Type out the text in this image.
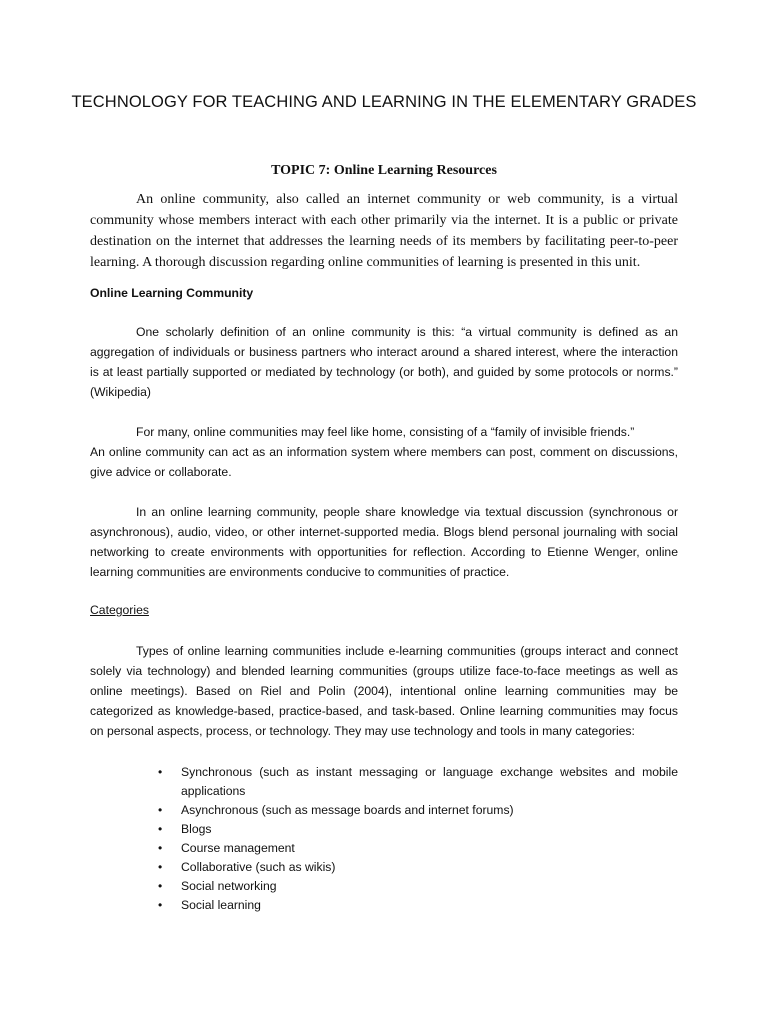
TECHNOLOGY FOR TEACHING AND LEARNING IN THE ELEMENTARY GRADES
TOPIC 7: Online Learning Resources

An online community, also called an internet community or web community, is a virtual community whose members interact with each other primarily via the internet. It is a public or private destination on the internet that addresses the learning needs of its members by facilitating peer-to-peer learning. A thorough discussion regarding online communities of learning is presented in this unit.

Online Learning Community

One scholarly definition of an online community is this: “a virtual community is defined as an aggregation of individuals or business partners who interact around a shared interest, where the interaction is at least partially supported or mediated by technology (or both), and guided by some protocols or norms.” (Wikipedia)

For many, online communities may feel like home, consisting of a “family of invisible friends.”
An online community can act as an information system where members can post, comment on discussions, give advice or collaborate.

In an online learning community, people share knowledge via textual discussion (synchronous or asynchronous), audio, video, or other internet-supported media. Blogs blend personal journaling with social networking to create environments with opportunities for reflection. According to Etienne Wenger, online learning communities are environments conducive to communities of practice.

Categories

Types of online learning communities include e-learning communities (groups interact and connect solely via technology) and blended learning communities (groups utilize face-to-face meetings as well as online meetings). Based on Riel and Polin (2004), intentional online learning communities may be categorized as knowledge-based, practice-based, and task-based. Online learning communities may focus on personal aspects, process, or technology. They may use technology and tools in many categories:

• Synchronous (such as instant messaging or language exchange websites and mobile applications
• Asynchronous (such as message boards and internet forums)
• Blogs
• Course management
• Collaborative (such as wikis)
• Social networking
• Social learning
